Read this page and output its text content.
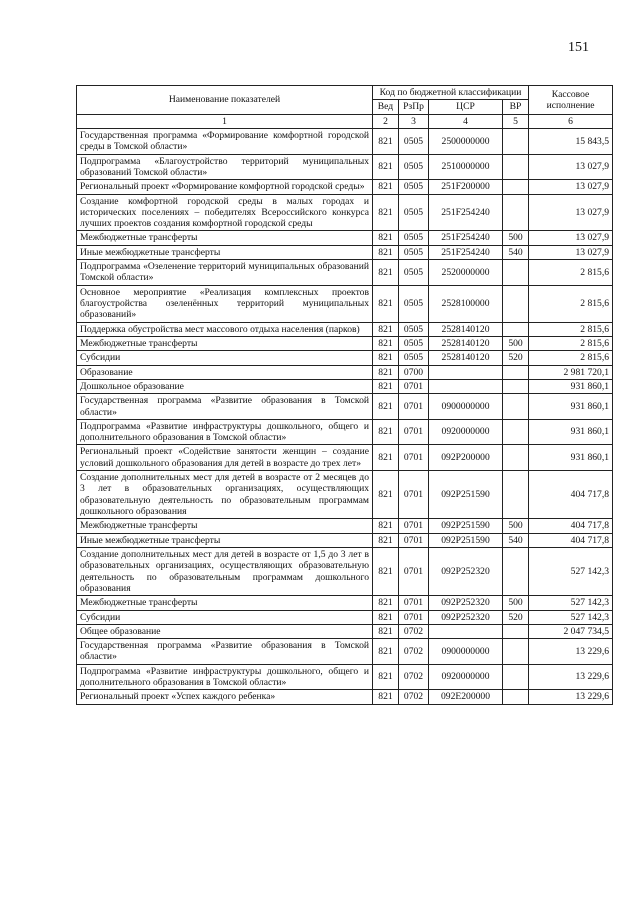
151
Наименование показателей	Код по бюджетной классификации				Кассовое исполнение
	Вед	РзПр	ЦСР	ВР	
1	2	3	4	5	6
Государственная программа «Формирование комфортной городской среды в Томской области»	821	0505	2500000000		15 843,5
Подпрограмма «Благоустройство территорий муниципальных образований Томской области»	821	0505	2510000000		13 027,9
Региональный проект «Формирование комфортной городской среды»	821	0505	251F200000		13 027,9
Создание комфортной городской среды в малых городах и исторических поселениях – победителях Всероссийского конкурса лучших проектов создания комфортной городской среды	821	0505	251F254240		13 027,9
Межбюджетные трансферты	821	0505	251F254240	500	13 027,9
Иные межбюджетные трансферты	821	0505	251F254240	540	13 027,9
Подпрограмма «Озеленение территорий муниципальных образований Томской области»	821	0505	2520000000		2 815,6
Основное мероприятие «Реализация комплексных проектов благоустройства озеленённых территорий муниципальных образований»	821	0505	2528100000		2 815,6
Поддержка обустройства мест массового отдыха населения (парков)	821	0505	2528140120		2 815,6
Межбюджетные трансферты	821	0505	2528140120	500	2 815,6
Субсидии	821	0505	2528140120	520	2 815,6
Образование	821	0700			2 981 720,1
Дошкольное образование	821	0701			931 860,1
Государственная программа «Развитие образования в Томской области»	821	0701	0900000000		931 860,1
Подпрограмма «Развитие инфраструктуры дошкольного, общего и дополнительного образования в Томской области»	821	0701	0920000000		931 860,1
Региональный проект «Содействие занятости женщин – создание условий дошкольного образования для детей в возрасте до трех лет»	821	0701	092P200000		931 860,1
Создание дополнительных мест для детей в возрасте от 2 месяцев до 3 лет в образовательных организациях, осуществляющих образовательную деятельность по образовательным программам дошкольного образования	821	0701	092P251590		404 717,8
Межбюджетные трансферты	821	0701	092P251590	500	404 717,8
Иные межбюджетные трансферты	821	0701	092P251590	540	404 717,8
Создание дополнительных мест для детей в возрасте от 1,5 до 3 лет в образовательных организациях, осуществляющих образовательную деятельность по образовательным программам дошкольного образования	821	0701	092P252320		527 142,3
Межбюджетные трансферты	821	0701	092P252320	500	527 142,3
Субсидии	821	0701	092P252320	520	527 142,3
Общее образование	821	0702			2 047 734,5
Государственная программа «Развитие образования в Томской области»	821	0702	0900000000		13 229,6
Подпрограмма «Развитие инфраструктуры дошкольного, общего и дополнительного образования в Томской области»	821	0702	0920000000		13 229,6
Региональный проект «Успех каждого ребенка»	821	0702	092E200000		13 229,6
